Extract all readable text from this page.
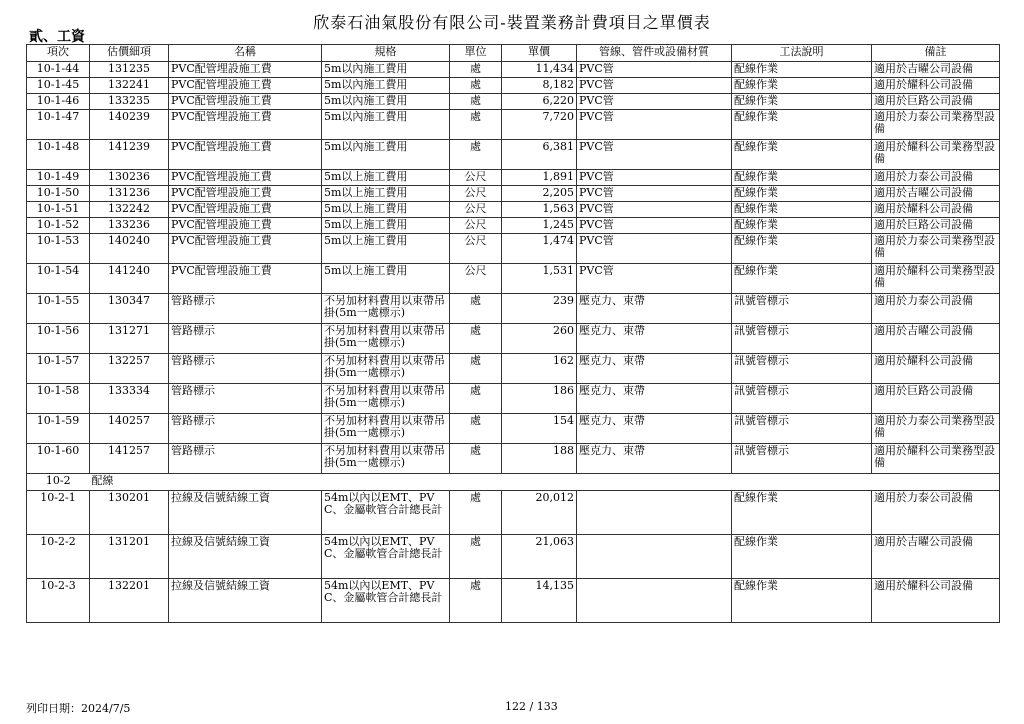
欣泰石油氣股份有限公司-裝置業務計費項目之單價表
貳、工資
項次	估價細項	名稱	規格	單位	單價	管線、管件或設備材質	工法說明	備註
10-1-44	131235	PVC配管埋設施工費	5m以內施工費用	處	11,434	PVC管	配線作業	適用於吉曜公司設備
10-1-45	132241	PVC配管埋設施工費	5m以內施工費用	處	8,182	PVC管	配線作業	適用於耀科公司設備
10-1-46	133235	PVC配管埋設施工費	5m以內施工費用	處	6,220	PVC管	配線作業	適用於巨路公司設備
10-1-47	140239	PVC配管埋設施工費	5m以內施工費用	處	7,720	PVC管	配線作業	適用於力泰公司業務型設備
10-1-48	141239	PVC配管埋設施工費	5m以內施工費用	處	6,381	PVC管	配線作業	適用於耀科公司業務型設備
10-1-49	130236	PVC配管埋設施工費	5m以上施工費用	公尺	1,891	PVC管	配線作業	適用於力泰公司設備
10-1-50	131236	PVC配管埋設施工費	5m以上施工費用	公尺	2,205	PVC管	配線作業	適用於吉曜公司設備
10-1-51	132242	PVC配管埋設施工費	5m以上施工費用	公尺	1,563	PVC管	配線作業	適用於耀科公司設備
10-1-52	133236	PVC配管埋設施工費	5m以上施工費用	公尺	1,245	PVC管	配線作業	適用於巨路公司設備
10-1-53	140240	PVC配管埋設施工費	5m以上施工費用	公尺	1,474	PVC管	配線作業	適用於力泰公司業務型設備
10-1-54	141240	PVC配管埋設施工費	5m以上施工費用	公尺	1,531	PVC管	配線作業	適用於耀科公司業務型設備
10-1-55	130347	管路標示	不另加材料費用以束帶吊掛(5m一處標示)	處	239	壓克力、束帶	訊號管標示	適用於力泰公司設備
10-1-56	131271	管路標示	不另加材料費用以束帶吊掛(5m一處標示)	處	260	壓克力、束帶	訊號管標示	適用於吉曜公司設備
10-1-57	132257	管路標示	不另加材料費用以束帶吊掛(5m一處標示)	處	162	壓克力、束帶	訊號管標示	適用於耀科公司設備
10-1-58	133334	管路標示	不另加材料費用以束帶吊掛(5m一處標示)	處	186	壓克力、束帶	訊號管標示	適用於巨路公司設備
10-1-59	140257	管路標示	不另加材料費用以束帶吊掛(5m一處標示)	處	154	壓克力、束帶	訊號管標示	適用於力泰公司業務型設備
10-1-60	141257	管路標示	不另加材料費用以束帶吊掛(5m一處標示)	處	188	壓克力、束帶	訊號管標示	適用於耀科公司業務型設備
10-2	配線							
10-2-1	130201	拉線及信號結線工資	54m以內以EMT、PVC、金屬軟管合計總長計	處	20,012		配線作業	適用於力泰公司設備
10-2-2	131201	拉線及信號結線工資	54m以內以EMT、PVC、金屬軟管合計總長計	處	21,063		配線作業	適用於吉曜公司設備
10-2-3	132201	拉線及信號結線工資	54m以內以EMT、PVC、金屬軟管合計總長計	處	14,135		配線作業	適用於耀科公司設備
列印日期：2024/7/5	122 / 133
